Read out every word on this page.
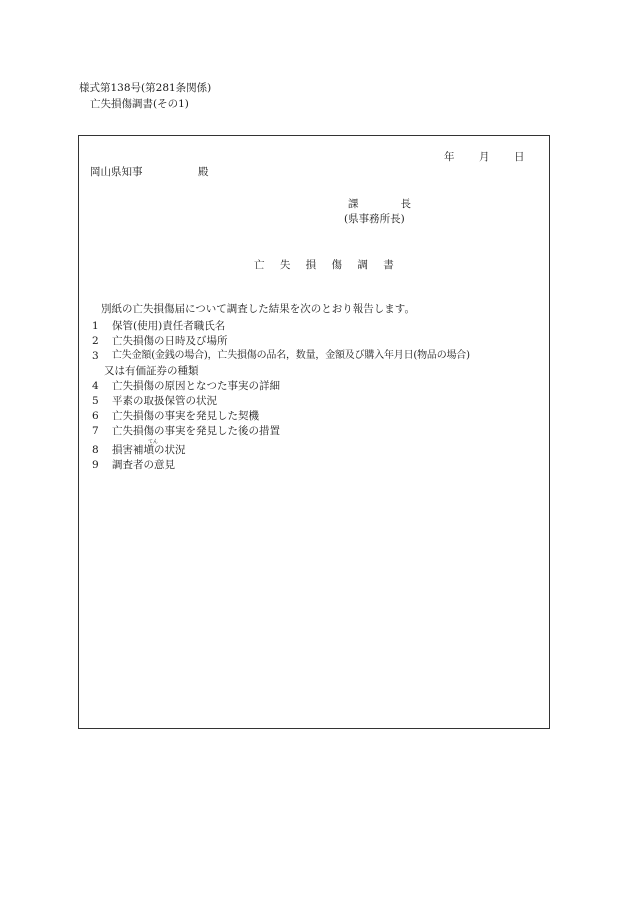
様式第138号(第281条関係)
亡失損傷調書(その1)
年 月 日
岡山県知事	殿
課　　　　長
(県事務所長)
亡 失 損 傷 調 書
別紙の亡失損傷届について調査した結果を次のとおり報告します。
1 保管(使用)責任者職氏名
2 亡失損傷の日時及び場所
3 亡失金額(金銭の場合)，亡失損傷の品名，数量，金額及び購入年月日(物品の場合)
又は有価証券の種類
4 亡失損傷の原因となつた事実の詳細
5 平素の取扱保管の状況
6 亡失損傷の事実を発見した契機
7 亡失損傷の事実を発見した後の措置
てん
8 損害補塡の状況
9 調査者の意見
